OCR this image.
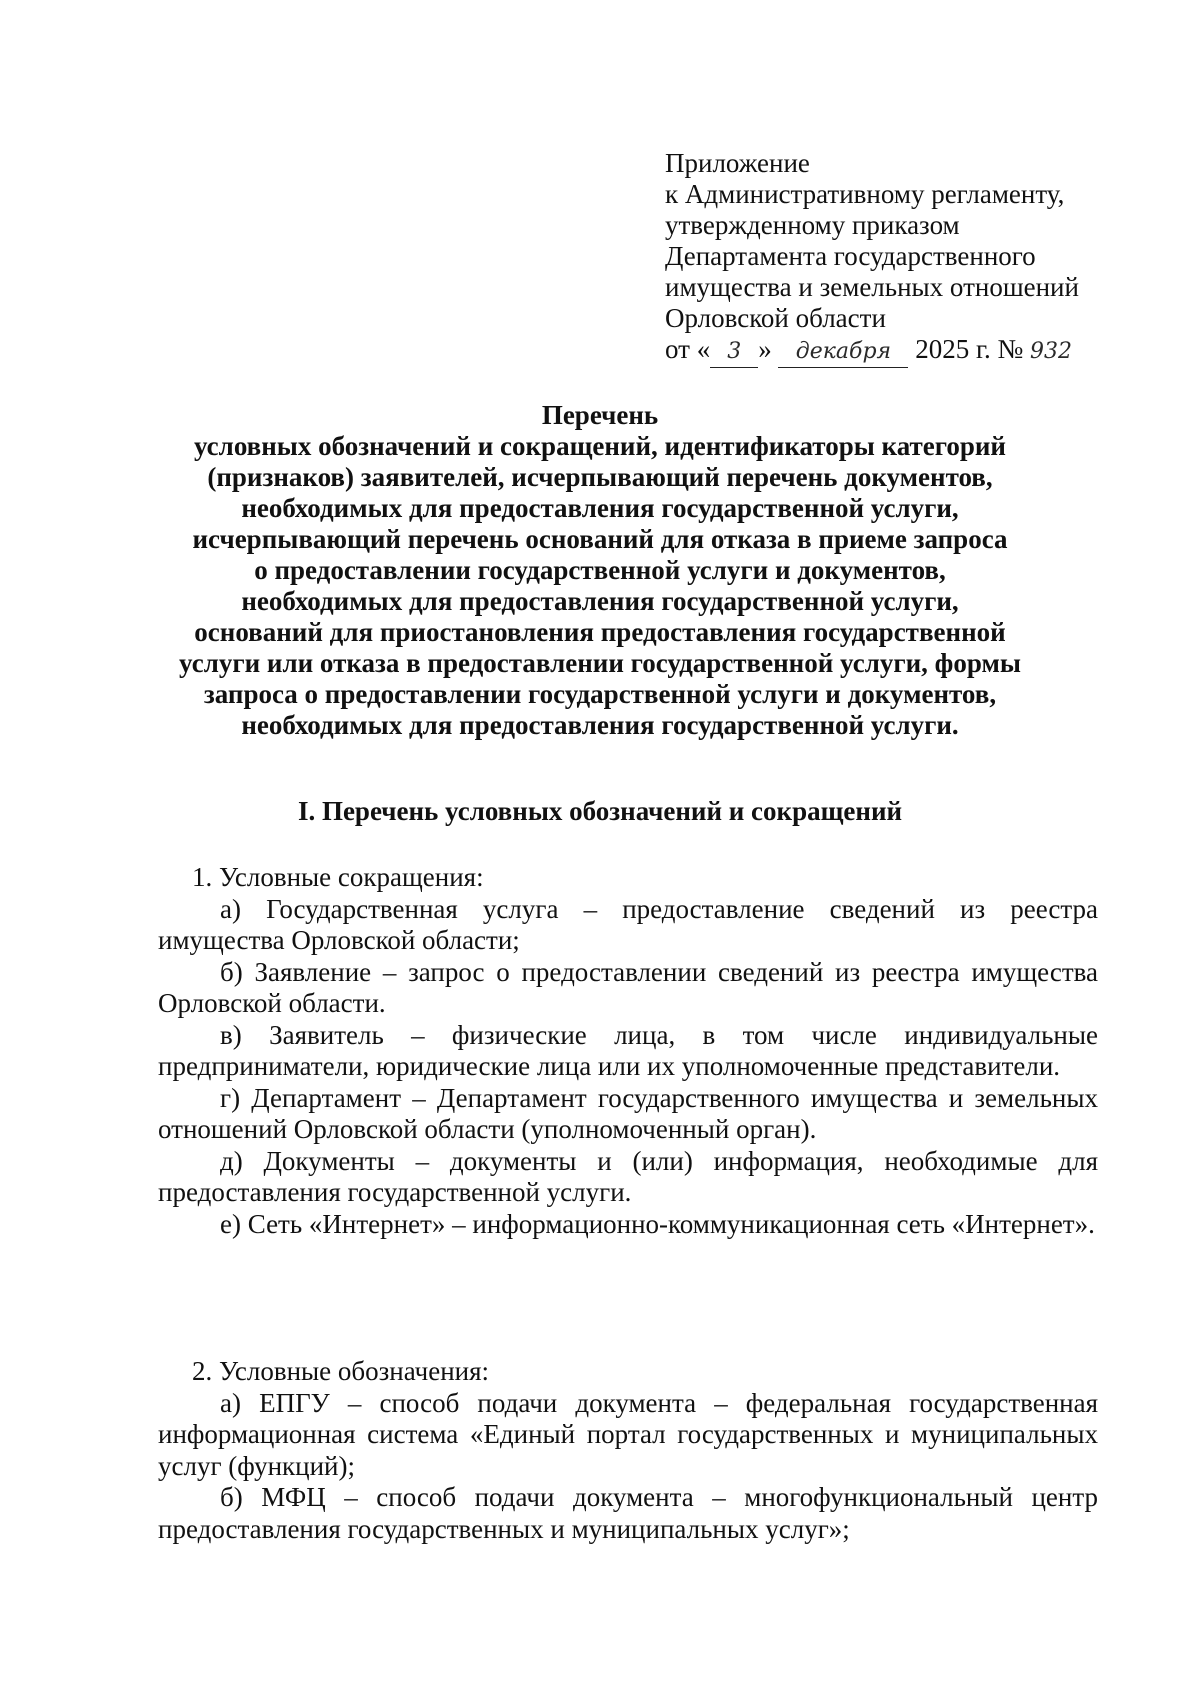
Приложение
к Административному регламенту,
утвержденному приказом
Департамента государственного
имущества и земельных отношений
Орловской области
от « 3 » декабря 2025 г. № 932
Перечень
условных обозначений и сокращений, идентификаторы категорий
(признаков) заявителей, исчерпывающий перечень документов,
необходимых для предоставления государственной услуги,
исчерпывающий перечень оснований для отказа в приеме запроса
о предоставлении государственной услуги и документов,
необходимых для предоставления государственной услуги,
оснований для приостановления предоставления государственной
услуги или отказа в предоставлении государственной услуги, формы
запроса о предоставлении государственной услуги и документов,
необходимых для предоставления государственной услуги.
I. Перечень условных обозначений и сокращений

1. Условные сокращения:

а) Государственная услуга – предоставление сведений из реестра имущества Орловской области;

б) Заявление – запрос о предоставлении сведений из реестра имущества Орловской области.

в) Заявитель – физические лица, в том числе индивидуальные предприниматели, юридические лица или их уполномоченные представители.

г) Департамент – Департамент государственного имущества и земельных отношений Орловской области (уполномоченный орган).

д) Документы – документы и (или) информация, необходимые для предоставления государственной услуги.

е) Сеть «Интернет» – информационно-коммуникационная сеть «Интернет».

2. Условные обозначения:

а) ЕПГУ – способ подачи документа – федеральная государственная информационная система «Единый портал государственных и муниципальных услуг (функций);

б) МФЦ – способ подачи документа – многофункциональный центр предоставления государственных и муниципальных услуг»;
